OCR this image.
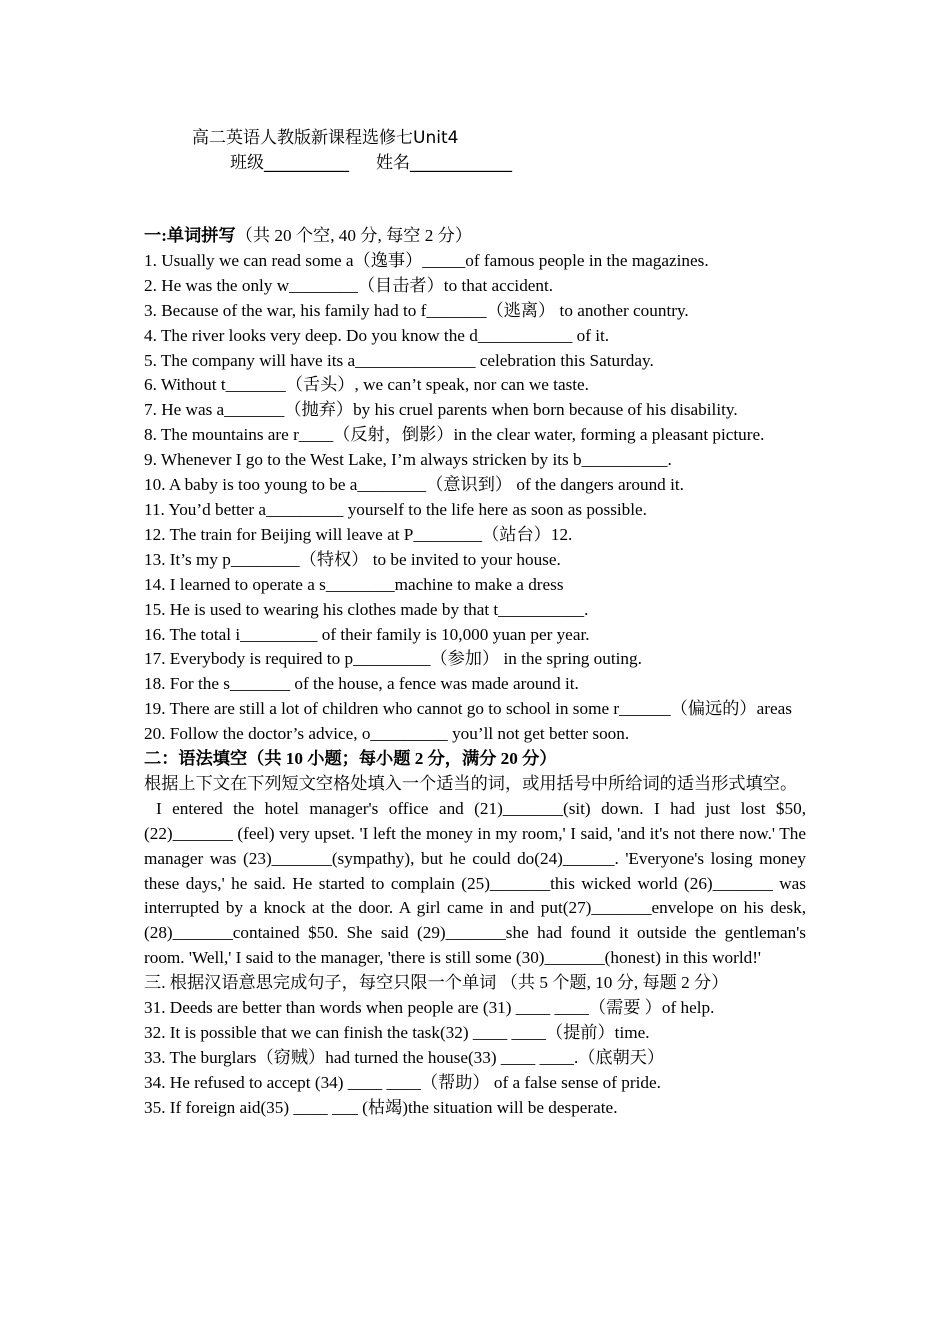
高二英语人教版新课程选修七Unit4
班级__________     姓名____________
一:单词拼写（共 20 个空, 40 分, 每空 2 分）
1. Usually we can read some a（逸事）_____of famous people in the magazines.
2. He was the only w________（目击者）to that accident.
3. Because of the war, his family had to f_______（逃离） to another country.
4. The river looks very deep. Do you know the d___________ of it.
5. The company will have its a______________ celebration this Saturday.
6. Without t_______（舌头）, we can’t speak, nor can we taste.
7. He was a_______（抛弃）by his cruel parents when born because of his disability.
8. The mountains are r____（反射，倒影）in the clear water, forming a pleasant picture.
9. Whenever I go to the West Lake, I’m always stricken by its b__________.
10. A baby is too young to be a________（意识到） of the dangers around it.
11. You’d better a_________ yourself to the life here as soon as possible.
12. The train for Beijing will leave at P________（站台）12.
13. It’s my p________（特权） to be invited to your house.
14. I learned to operate a s________machine to make a dress
15. He is used to wearing his clothes made by that t__________.
16. The total i_________ of their family is 10,000 yuan per year.
17. Everybody is required to p_________（参加） in the spring outing.
18. For the s_______ of the house, a fence was made around it.
19. There are still a lot of children who cannot go to school in some r______（偏远的）areas
20. Follow the doctor’s advice, o_________ you’ll not get better soon.
二：语法填空（共 10 小题；每小题 2 分，满分 20 分）
根据上下文在下列短文空格处填入一个适当的词，或用括号中所给词的适当形式填空。
I entered the hotel manager's office and (21)_______(sit) down. I had just lost $50, (22)_______ (feel) very upset. 'I left the money in my room,' I said, 'and it's not there now.' The manager was (23)_______(sympathy), but he could do(24)______. 'Everyone's losing money these days,' he said. He started to complain (25)_______this wicked world (26)_______ was interrupted by a knock at the door. A girl came in and put(27)_______envelope on his desk, (28)_______contained $50. She said (29)_______she had found it outside the gentleman's room. 'Well,' I said to the manager, 'there is still some (30)_______(honest) in this world!'
三. 根据汉语意思完成句子，每空只限一个单词 （共 5 个题, 10 分, 每题 2 分）
31. Deeds are better than words when people are (31) ____ ____（需要 ）of help.
32. It is possible that we can finish the task(32) ____ ____（提前）time.
33. The burglars（窃贼）had turned the house(33) ____ ____.（底朝天）
34. He refused to accept (34) ____ ____（帮助） of a false sense of pride.
35. If foreign aid(35) ____ ___ (枯竭)the situation will be desperate.
